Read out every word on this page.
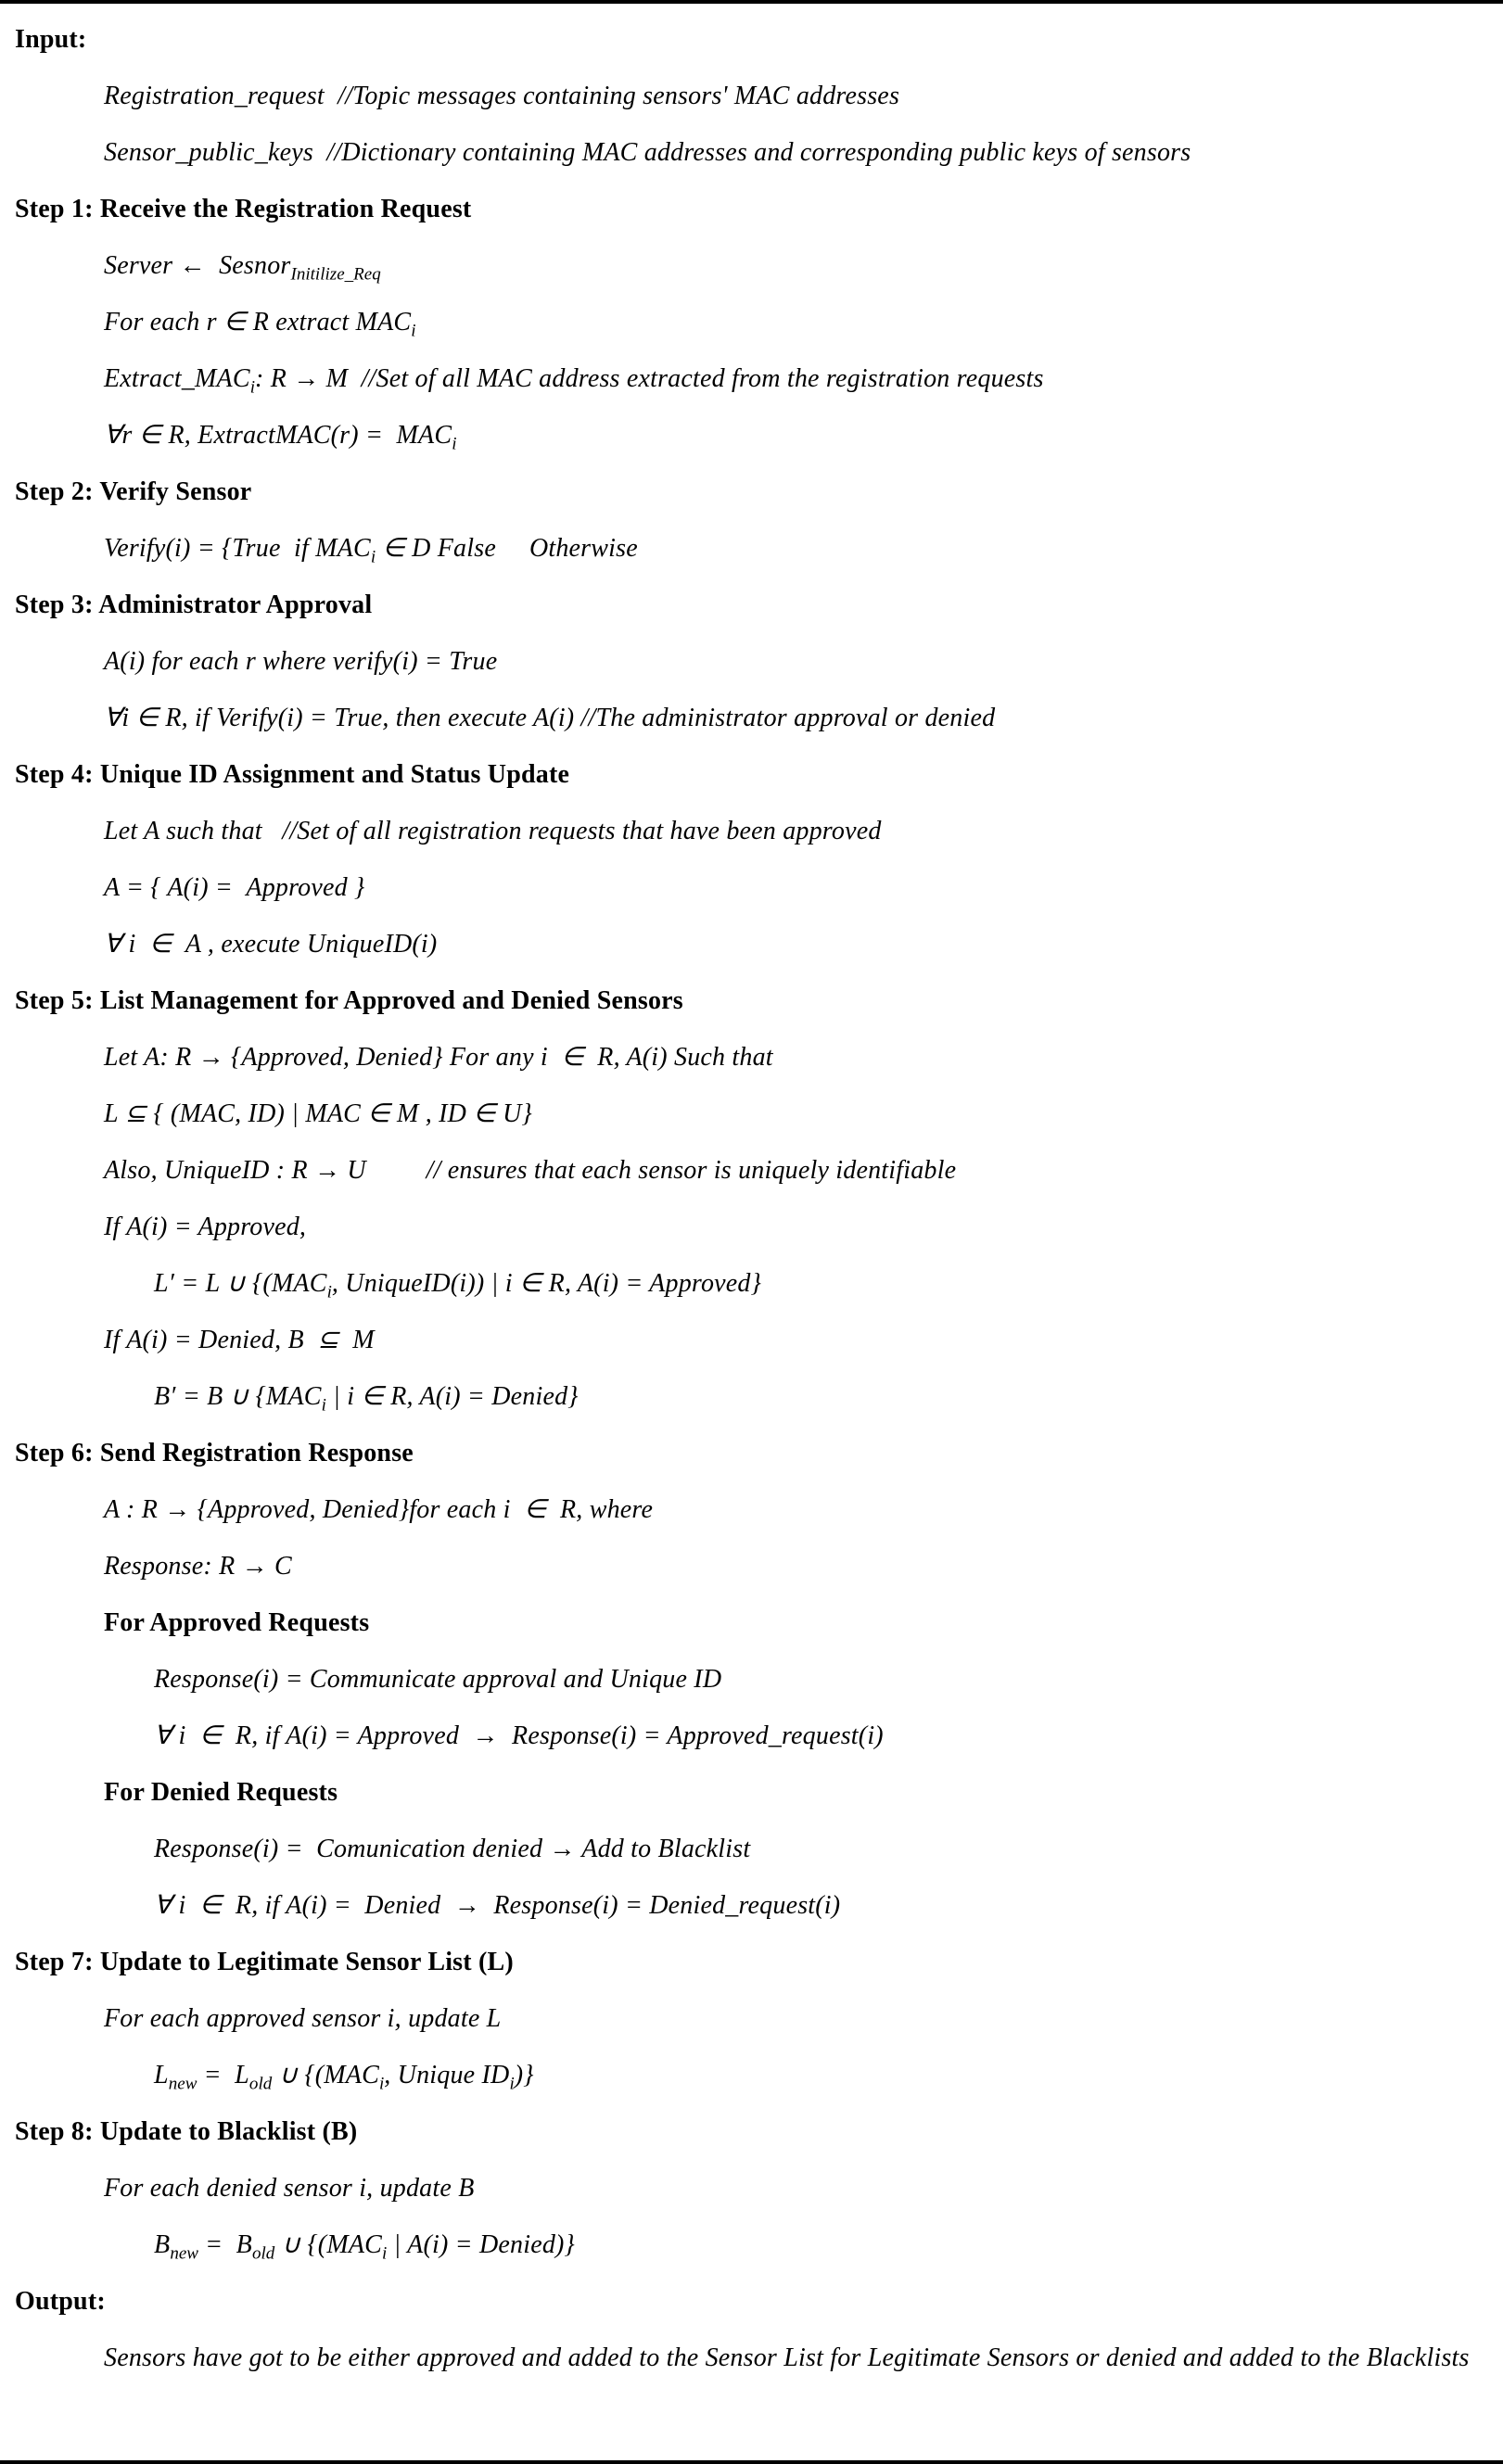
Input:
Registration_request  //Topic messages containing sensors' MAC addresses
Sensor_public_keys  //Dictionary containing MAC addresses and corresponding public keys of sensors
Step 1: Receive the Registration Request
Server ←  Sesnor$_{Initilize\_Req}$
For each r ∈ R extract $MAC_i$
$Extract\_MAC_i$: R → M  //Set of all MAC address extracted from the registration requests
∀r ∈ R, ExtractMAC(r) =  $MAC_i$
Step 2: Verify Sensor
Verify(i) = {True  if $MAC_i$ ∈ D False     Otherwise
Step 3: Administrator Approval
A(i) for each r where verify(i) = True
∀i ∈ R, if Verify(i) = True, then execute A(i) //The administrator approval or denied
Step 4: Unique ID Assignment and Status Update
Let A such that   //Set of all registration requests that have been approved
A = { A(i) =  Approved }
∀ i  ∈  A , execute UniqueID(i)
Step 5: List Management for Approved and Denied Sensors
Let A: R → {Approved, Denied} For any i  ∈  R, A(i) Such that
L ⊆ { (MAC, ID) | MAC ∈ M , ID ∈ U}
Also, UniqueID : R → U         // ensures that each sensor is uniquely identifiable
If A(i) = Approved,
L′ = L ∪ {($MAC_i$, UniqueID(i)) | i ∈ R, A(i) = Approved}
If A(i) = Denied, B  ⊆  M
B′ = B ∪ {$MAC_i$ | i ∈ R, A(i) = Denied}
Step 6: Send Registration Response
A : R → {Approved, Denied}for each i  ∈  R, where
Response: R → C
For Approved Requests
Response(i) = Communicate approval and Unique ID
∀ i  ∈  R, if A(i) = Approved  →  Response(i) = Approved_request(i)
For Denied Requests
Response(i) =  Comunication denied → Add to Blacklist
∀ i  ∈  R, if A(i) =  Denied  →  Response(i) = Denied_request(i)
Step 7: Update to Legitimate Sensor List (L)
For each approved sensor i, update L
$L_{new} = L_{old}$ ∪ {($MAC_i$, Unique $ID_i$)}
Step 8: Update to Blacklist (B)
For each denied sensor i, update B
$B_{new} = B_{old}$ ∪ {($MAC_i$ | A(i) = Denied)}
Output:
Sensors have got to be either approved and added to the Sensor List for Legitimate Sensors or denied and added to the Blacklists
